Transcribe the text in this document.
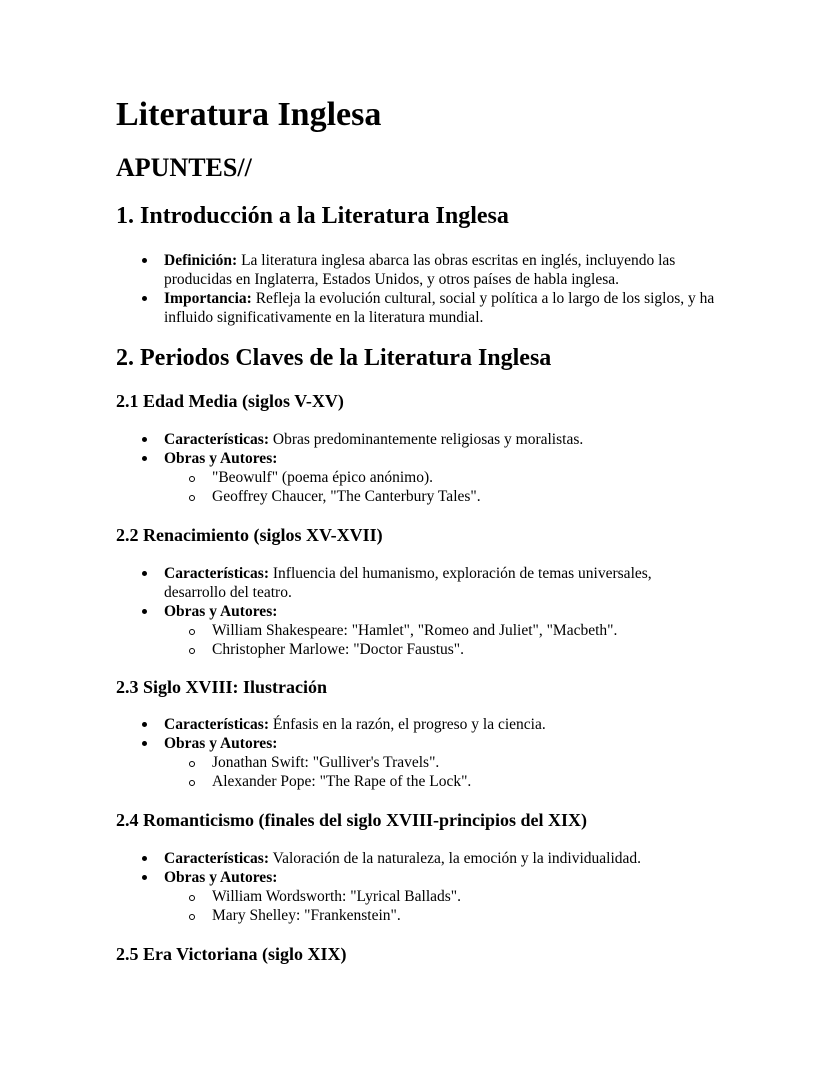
Literatura Inglesa
APUNTES//
1. Introducción a la Literatura Inglesa
Definición: La literatura inglesa abarca las obras escritas en inglés, incluyendo las producidas en Inglaterra, Estados Unidos, y otros países de habla inglesa.
Importancia: Refleja la evolución cultural, social y política a lo largo de los siglos, y ha influido significativamente en la literatura mundial.
2. Periodos Claves de la Literatura Inglesa
2.1 Edad Media (siglos V-XV)
Características: Obras predominantemente religiosas y moralistas.
Obras y Autores:
"Beowulf" (poema épico anónimo).
Geoffrey Chaucer, "The Canterbury Tales".
2.2 Renacimiento (siglos XV-XVII)
Características: Influencia del humanismo, exploración de temas universales, desarrollo del teatro.
Obras y Autores:
William Shakespeare: "Hamlet", "Romeo and Juliet", "Macbeth".
Christopher Marlowe: "Doctor Faustus".
2.3 Siglo XVIII: Ilustración
Características: Énfasis en la razón, el progreso y la ciencia.
Obras y Autores:
Jonathan Swift: "Gulliver's Travels".
Alexander Pope: "The Rape of the Lock".
2.4 Romanticismo (finales del siglo XVIII-principios del XIX)
Características: Valoración de la naturaleza, la emoción y la individualidad.
Obras y Autores:
William Wordsworth: "Lyrical Ballads".
Mary Shelley: "Frankenstein".
2.5 Era Victoriana (siglo XIX)
